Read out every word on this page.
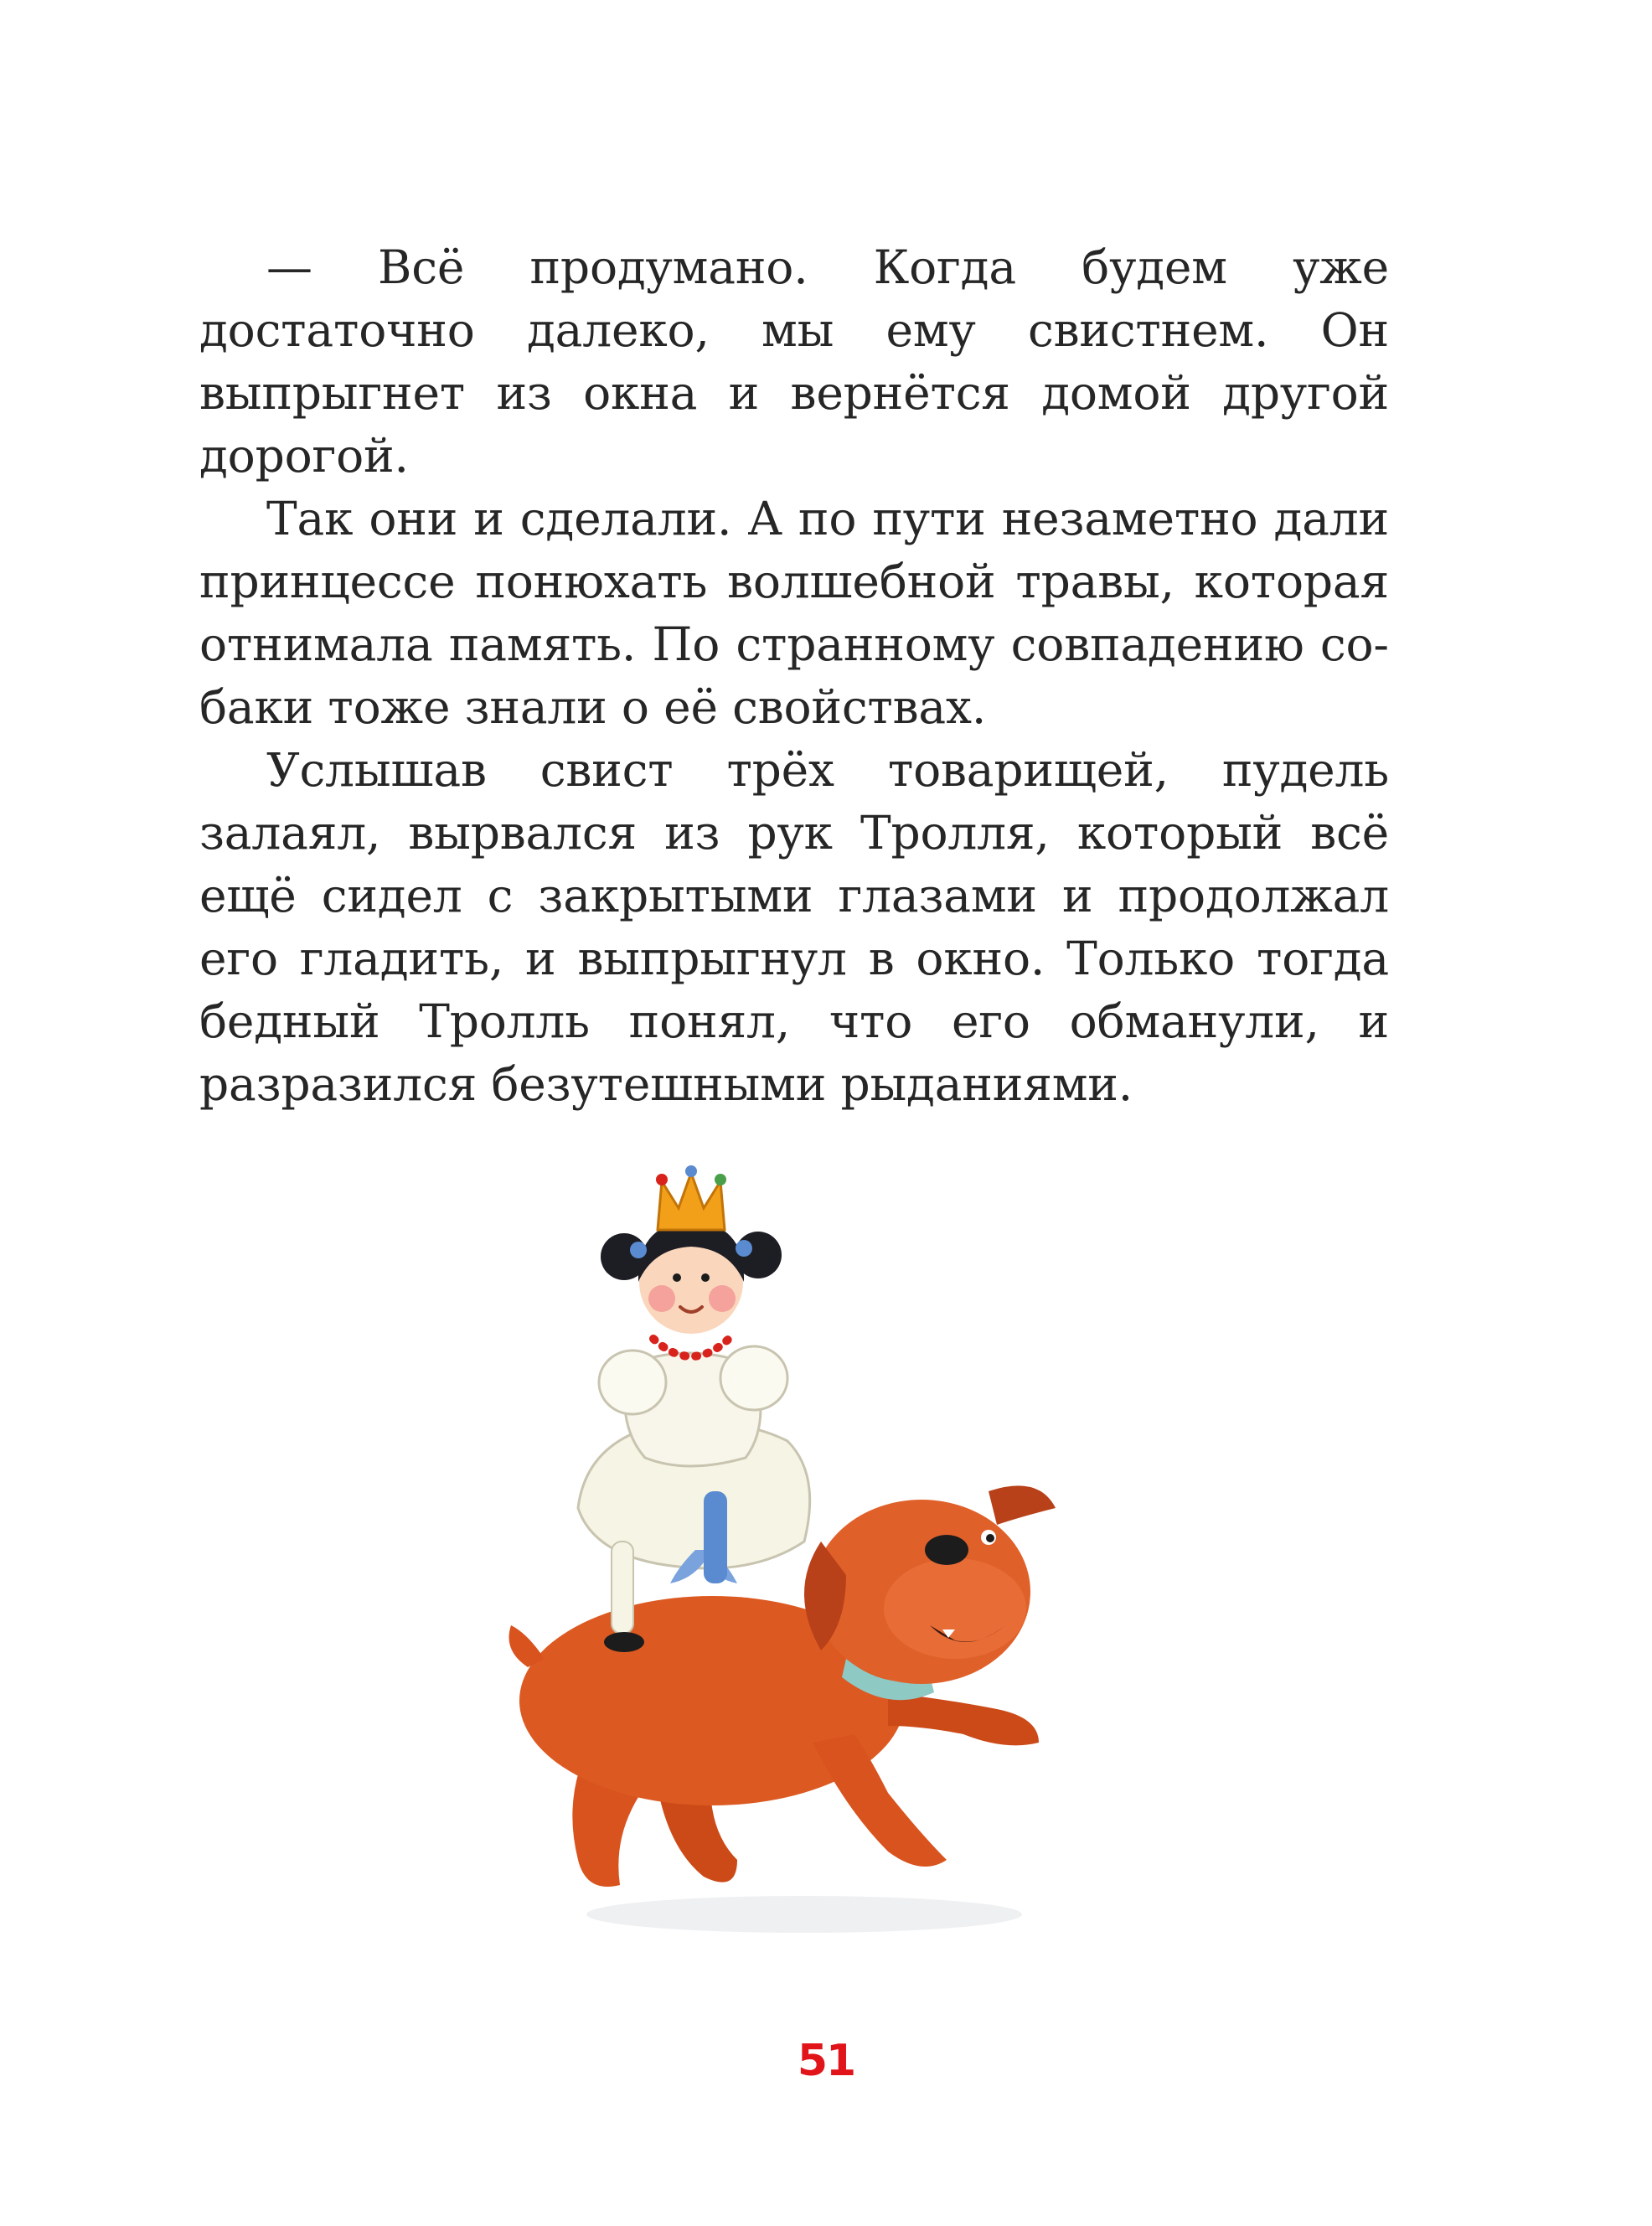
— Всё продумано. Когда будем уже достаточно далеко, мы ему свистнем. Он выпрыгнет из окна и вернётся домой другой дорогой.

Так они и сделали. А по пути незаметно дали принцессе понюхать волшебной травы, которая отнимала память. По странному совпадению собаки тоже знали о её свойствах.

Услышав свист трёх товарищей, пудель залаял, вырвался из рук Тролля, который всё ещё сидел с закрытыми глазами и продолжал его гладить, и выпрыгнул в окно. Только тогда бедный Тролль понял, что его обманули, и разразился безутешными рыданиями.

51
